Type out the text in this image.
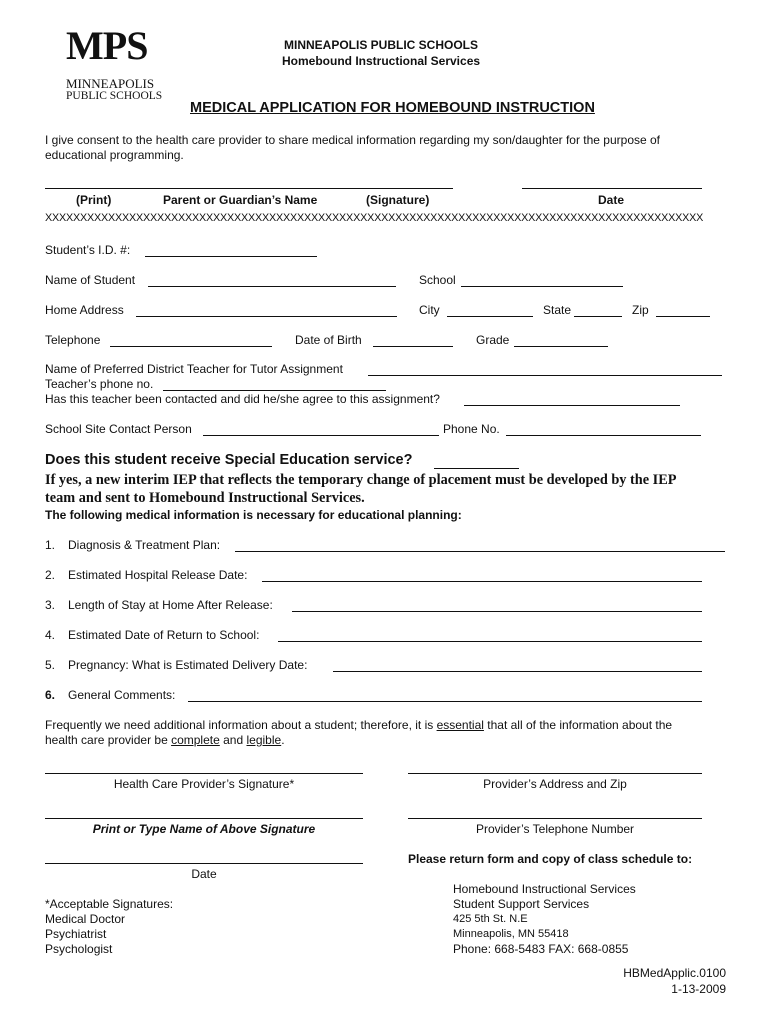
MPS
MINNEAPOLIS
PUBLIC SCHOOLS
MINNEAPOLIS PUBLIC SCHOOLS
Homebound Instructional Services
MEDICAL APPLICATION FOR HOMEBOUND INSTRUCTION
I give consent to the health care provider to share medical information regarding my son/daughter for the purpose of
educational programming.
(Print)	Parent or Guardian’s Name	(Signature)	Date
XXXXXXXXXXXXXXXXXXXXXXXXXXXXXXXXXXXXXXXXXXXXXXXXXXXXXXXXXXXXXXXXXXXXXXXXXXXXXXXXXXXXXXXXXXXXXX
Student’s I.D. #:
Name of Student	School
Home Address	City	State	Zip
Telephone	Date of Birth	Grade
Name of Preferred District Teacher for Tutor Assignment
Teacher’s phone no.
Has this teacher been contacted and did he/she agree to this assignment?
School Site Contact Person	Phone No.
Does this student receive Special Education service?
If yes, a new interim IEP that reflects the temporary change of placement must be developed by the IEP
team and sent to Homebound Instructional Services.
The following medical information is necessary for educational planning:
1. Diagnosis & Treatment Plan:
2. Estimated Hospital Release Date:
3. Length of Stay at Home After Release:
4. Estimated Date of Return to School:
5. Pregnancy: What is Estimated Delivery Date:
6. General Comments:
Frequently we need additional information about a student; therefore, it is essential that all of the information about the
health care provider be complete and legible.
Health Care Provider’s Signature*	Provider’s Address and Zip
Print or Type Name of Above Signature	Provider’s Telephone Number
Please return form and copy of class schedule to:
Date
*Acceptable Signatures:
Medical Doctor
Psychiatrist
Psychologist
Homebound Instructional Services
Student Support Services
425 5th St. N.E
Minneapolis, MN 55418
Phone: 668-5483 FAX: 668-0855
HBMedApplic.0100
1-13-2009
